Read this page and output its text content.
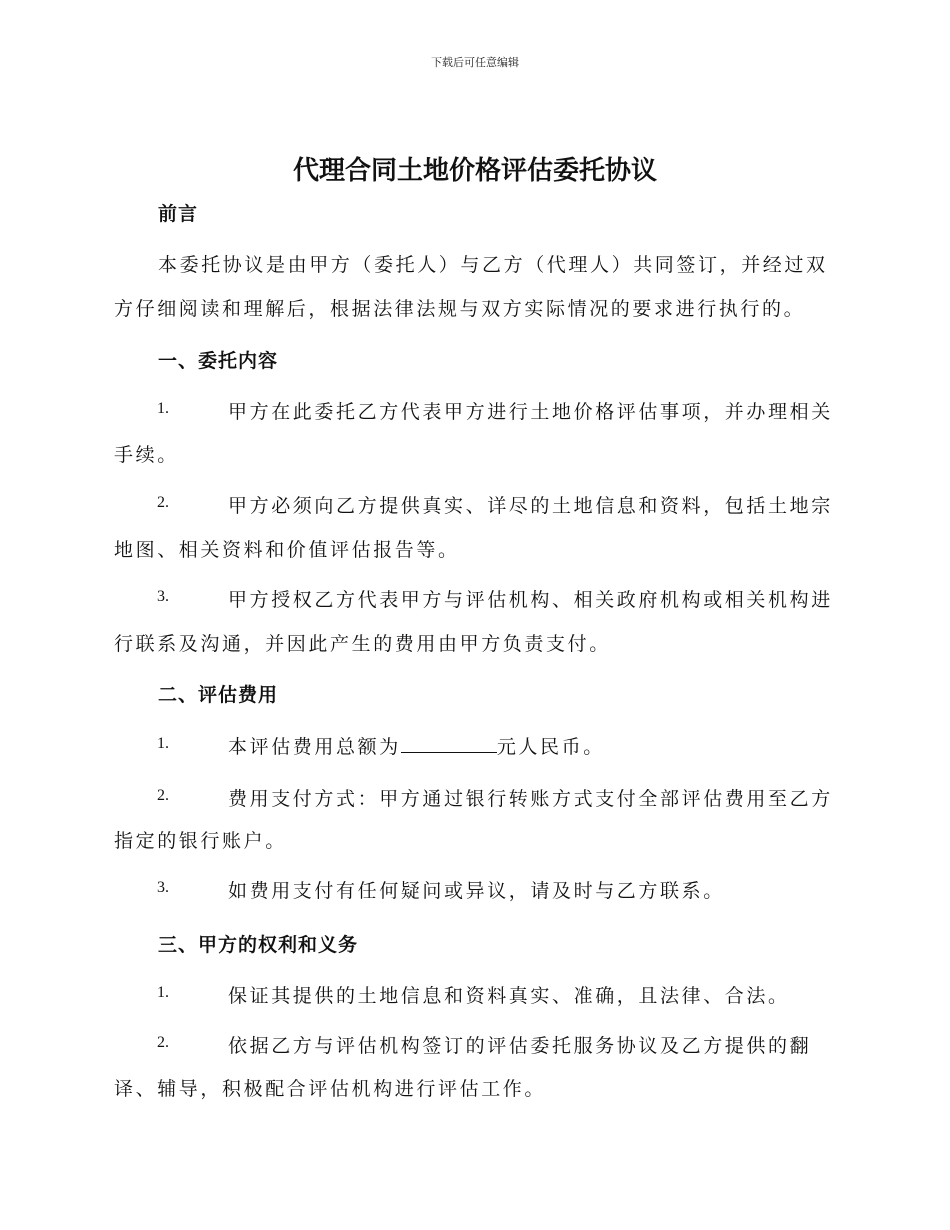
下载后可任意编辑
代理合同土地价格评估委托协议
前言
本委托协议是由甲方（委托人）与乙方（代理人）共同签订，并经过双
方仔细阅读和理解后，根据法律法规与双方实际情况的要求进行执行的。
一、委托内容
1.	甲方在此委托乙方代表甲方进行土地价格评估事项，并办理相关
手续。
2.	甲方必须向乙方提供真实、详尽的土地信息和资料，包括土地宗
地图、相关资料和价值评估报告等。
3.	甲方授权乙方代表甲方与评估机构、相关政府机构或相关机构进
行联系及沟通，并因此产生的费用由甲方负责支付。
二、评估费用
1.	本评估费用总额为	元人民币。
2.	费用支付方式：甲方通过银行转账方式支付全部评估费用至乙方
指定的银行账户。
3.	如费用支付有任何疑问或异议，请及时与乙方联系。
三、甲方的权利和义务
1.	保证其提供的土地信息和资料真实、准确，且法律、合法。
2.	依据乙方与评估机构签订的评估委托服务协议及乙方提供的翻
译、辅导，积极配合评估机构进行评估工作。
